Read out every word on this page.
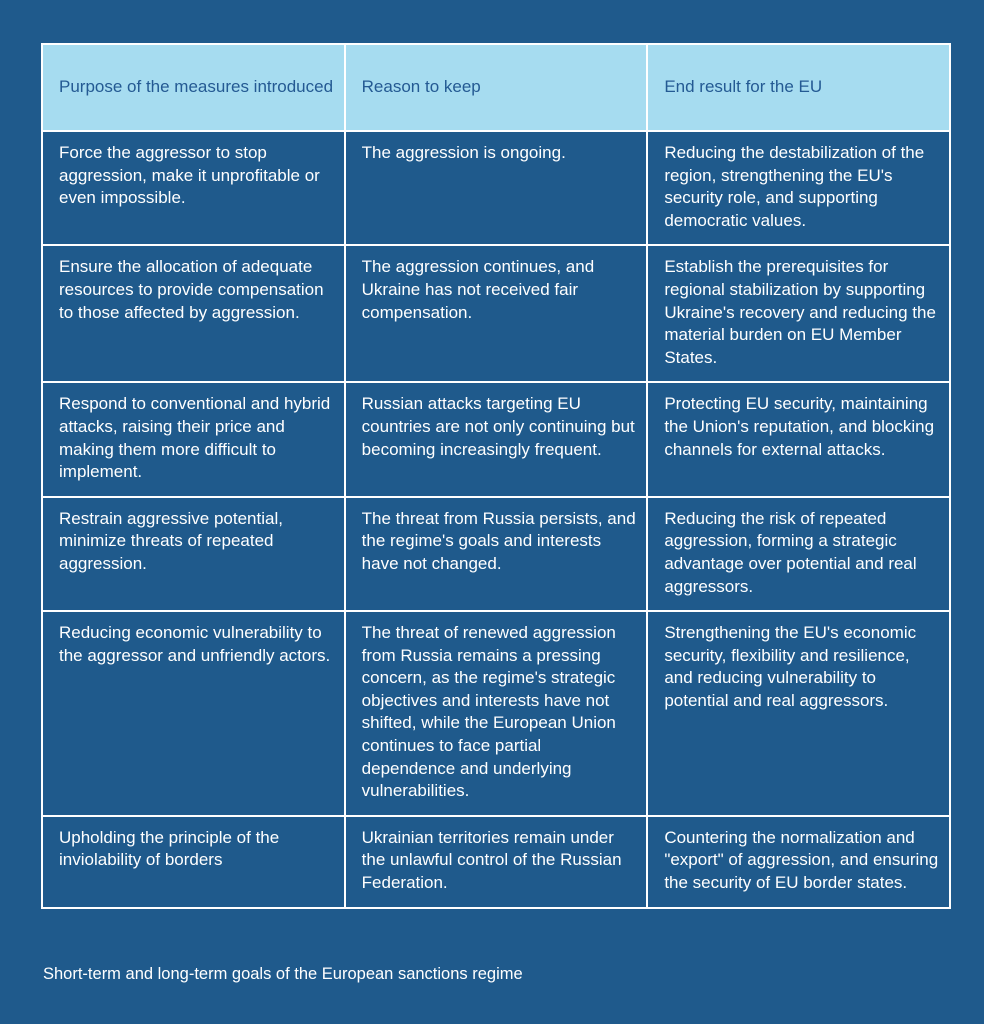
Purpose of the measures introduced	Reason to keep	End result for the EU
Force the aggressor to stop aggression, make it unprofitable or even impossible.	The aggression is ongoing.	Reducing the destabilization of the region, strengthening the EU's security role, and supporting democratic values.
Ensure the allocation of adequate resources to provide compensation to those affected by aggression.	The aggression continues, and Ukraine has not received fair compensation.	Establish the prerequisites for regional stabilization by supporting Ukraine's recovery and reducing the material burden on EU Member States.
Respond to conventional and hybrid attacks, raising their price and making them more difficult to implement.	Russian attacks targeting EU countries are not only continuing but becoming increasingly frequent.	Protecting EU security, maintaining the Union's reputation, and blocking channels for external attacks.
Restrain aggressive potential, minimize threats of repeated aggression.	The threat from Russia persists, and the regime's goals and interests have not changed.	Reducing the risk of repeated aggression, forming a strategic advantage over potential and real aggressors.
Reducing economic vulnerability to the aggressor and unfriendly actors.	The threat of renewed aggression from Russia remains a pressing concern, as the regime's strategic objectives and interests have not shifted, while the European Union continues to face partial dependence and underlying vulnerabilities.	Strengthening the EU's economic security, flexibility and resilience, and reducing vulnerability to potential and real aggressors.
Upholding the principle of the inviolability of borders	Ukrainian territories remain under the unlawful control of the Russian Federation.	Countering the normalization and "export" of aggression, and ensuring the security of EU border states.
Short-term and long-term goals of the European sanctions regime
